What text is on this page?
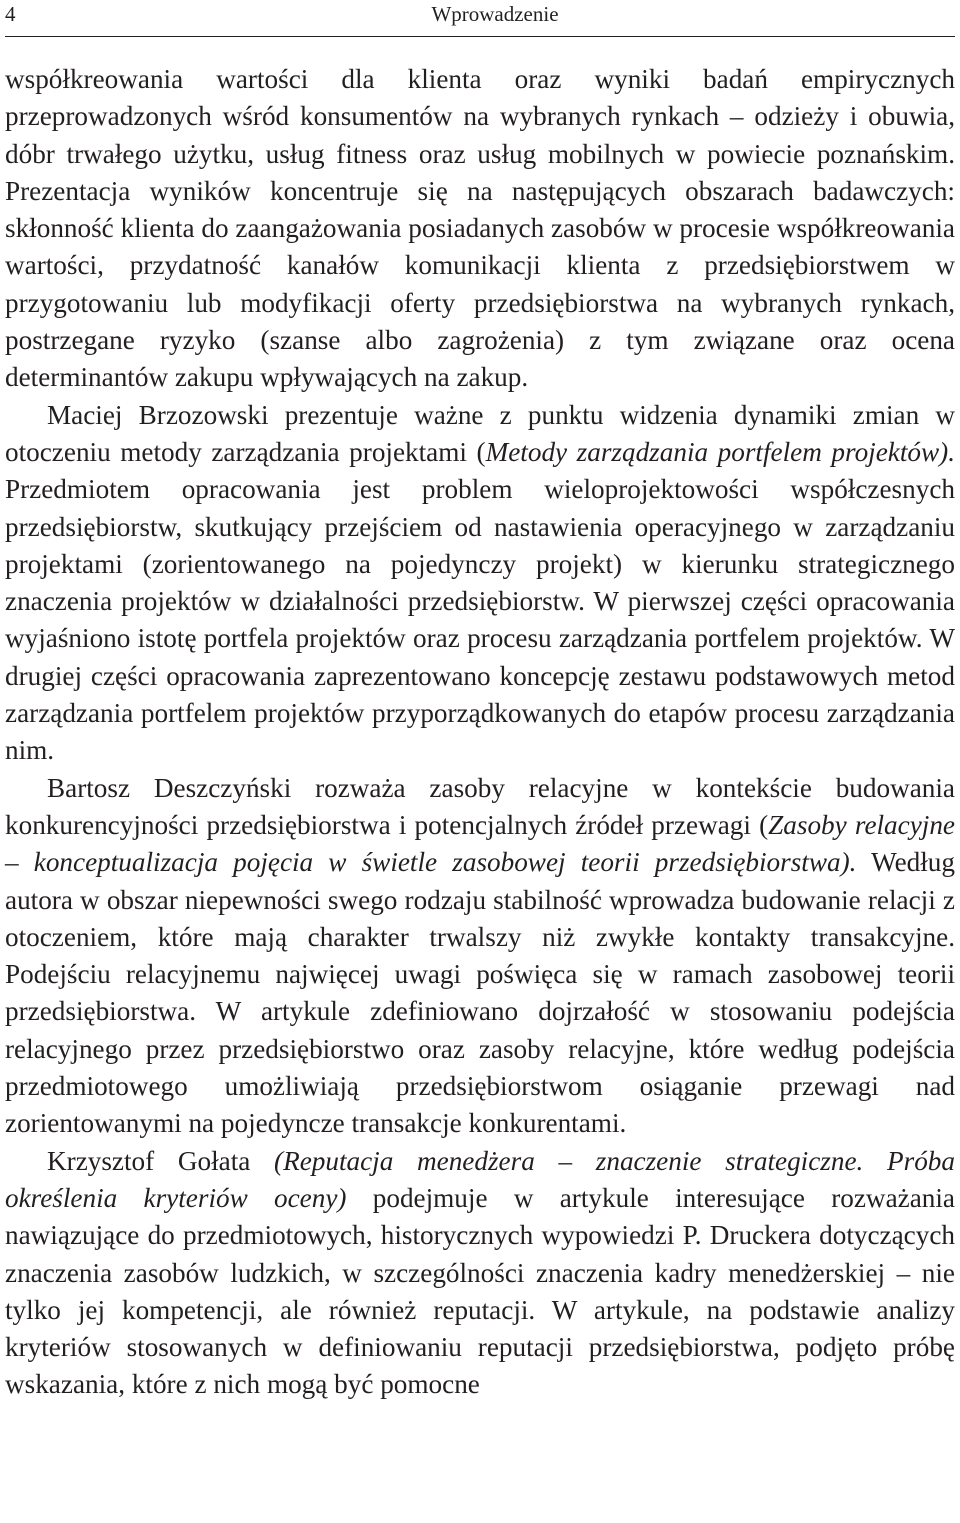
4	Wprowadzenie

współkreowania wartości dla klienta oraz wyniki badań empirycznych przeprowadzonych wśród konsumentów na wybranych rynkach – odzieży i obuwia, dóbr trwałego użytku, usług fitness oraz usług mobilnych w powiecie poznańskim. Prezentacja wyników koncentruje się na następujących obszarach badawczych: skłonność klienta do zaangażowania posiadanych zasobów w procesie współkreowania wartości, przydatność kanałów komunikacji klienta z przedsiębiorstwem w przygotowaniu lub modyfikacji oferty przedsiębiorstwa na wybranych rynkach, postrzegane ryzyko (szanse albo zagrożenia) z tym związane oraz ocena determinantów zakupu wpływających na zakup.

Maciej Brzozowski prezentuje ważne z punktu widzenia dynamiki zmian w otoczeniu metody zarządzania projektami (Metody zarządzania portfelem projektów). Przedmiotem opracowania jest problem wieloprojektowości współczesnych przedsiębiorstw, skutkujący przejściem od nastawienia operacyjnego w zarządzaniu projektami (zorientowanego na pojedynczy projekt) w kierunku strategicznego znaczenia projektów w działalności przedsiębiorstw. W pierwszej części opracowania wyjaśniono istotę portfela projektów oraz procesu zarządzania portfelem projektów. W drugiej części opracowania zaprezentowano koncepcję zestawu podstawowych metod zarządzania portfelem projektów przyporządkowanych do etapów procesu zarządzania nim.

Bartosz Deszczyński rozważa zasoby relacyjne w kontekście budowania konkurencyjności przedsiębiorstwa i potencjalnych źródeł przewagi (Zasoby relacyjne – konceptualizacja pojęcia w świetle zasobowej teorii przedsiębiorstwa). Według autora w obszar niepewności swego rodzaju stabilność wprowadza budowanie relacji z otoczeniem, które mają charakter trwalszy niż zwykłe kontakty transakcyjne. Podejściu relacyjnemu najwięcej uwagi poświęca się w ramach zasobowej teorii przedsiębiorstwa. W artykule zdefiniowano dojrzałość w stosowaniu podejścia relacyjnego przez przedsiębiorstwo oraz zasoby relacyjne, które według podejścia przedmiotowego umożliwiają przedsiębiorstwom osiąganie przewagi nad zorientowanymi na pojedyncze transakcje konkurentami.

Krzysztof Gołata (Reputacja menedżera – znaczenie strategiczne. Próba określenia kryteriów oceny) podejmuje w artykule interesujące rozważania nawiązujące do przedmiotowych, historycznych wypowiedzi P. Druckera dotyczących znaczenia zasobów ludzkich, w szczególności znaczenia kadry menedżerskiej – nie tylko jej kompetencji, ale również reputacji. W artykule, na podstawie analizy kryteriów stosowanych w definiowaniu reputacji przedsiębiorstwa, podjęto próbę wskazania, które z nich mogą być pomocne
